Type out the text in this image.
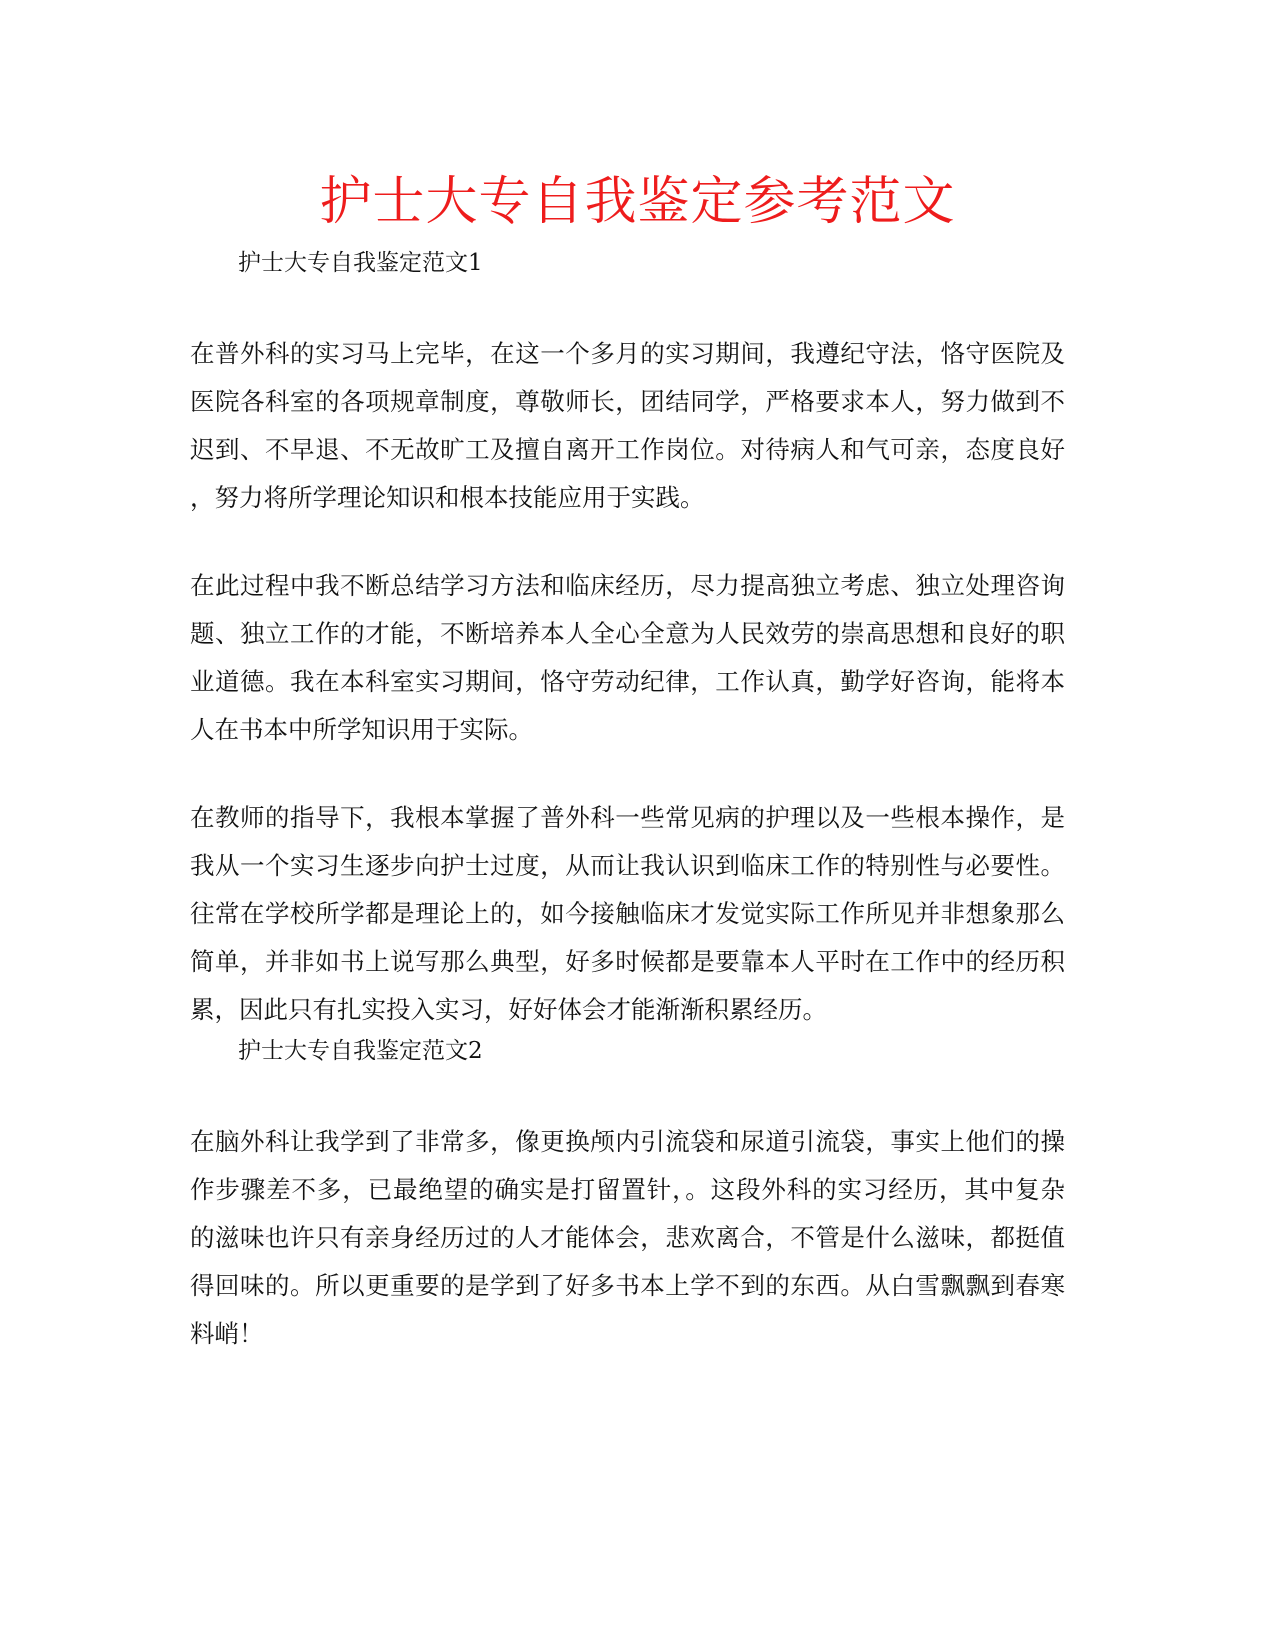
护士大专自我鉴定参考范文
护士大专自我鉴定范文1
在普外科的实习马上完毕，在这一个多月的实习期间，我遵纪守法，恪守医院及
医院各科室的各项规章制度，尊敬师长，团结同学，严格要求本人，努力做到不
迟到、不早退、不无故旷工及擅自离开工作岗位。对待病人和气可亲，态度良好
，努力将所学理论知识和根本技能应用于实践。
在此过程中我不断总结学习方法和临床经历，尽力提高独立考虑、独立处理咨询
题、独立工作的才能，不断培养本人全心全意为人民效劳的崇高思想和良好的职
业道德。我在本科室实习期间，恪守劳动纪律，工作认真，勤学好咨询，能将本
人在书本中所学知识用于实际。
在教师的指导下，我根本掌握了普外科一些常见病的护理以及一些根本操作，是
我从一个实习生逐步向护士过度，从而让我认识到临床工作的特别性与必要性。
往常在学校所学都是理论上的，如今接触临床才发觉实际工作所见并非想象那么
简单，并非如书上说写那么典型，好多时候都是要靠本人平时在工作中的经历积
累，因此只有扎实投入实习，好好体会才能渐渐积累经历。
护士大专自我鉴定范文2
在脑外科让我学到了非常多，像更换颅内引流袋和尿道引流袋，事实上他们的操
作步骤差不多，已最绝望的确实是打留置针，。这段外科的实习经历，其中复杂
的滋味也许只有亲身经历过的人才能体会，悲欢离合，不管是什么滋味，都挺值
得回味的。所以更重要的是学到了好多书本上学不到的东西。从白雪飘飘到春寒
料峭！
